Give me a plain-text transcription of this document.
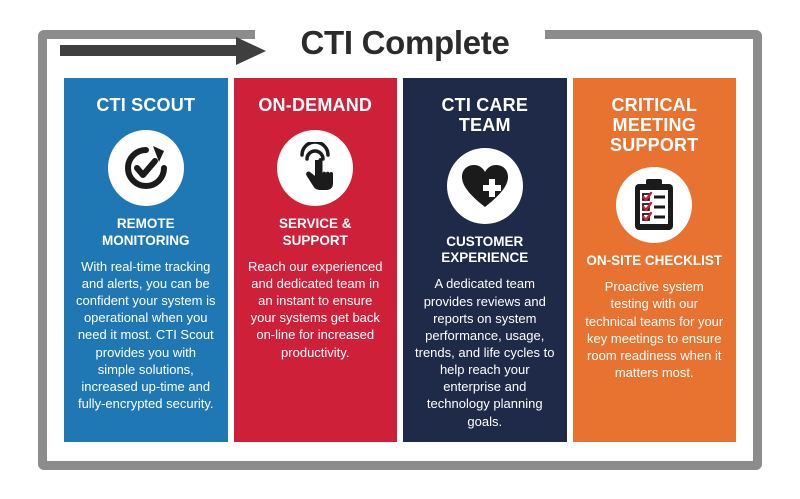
CTI Complete
CTI SCOUT
REMOTE MONITORING
With real-time tracking and alerts, you can be confident your system is operational when you need it most. CTI Scout provides you with simple solutions, increased up-time and fully-encrypted security.
ON-DEMAND
SERVICE & SUPPORT
Reach our experienced and dedicated team in an instant to ensure your systems get back on-line for increased productivity.
CTI CARE TEAM
CUSTOMER EXPERIENCE
A dedicated team provides reviews and reports on system performance, usage, trends, and life cycles to help reach your enterprise and technology planning goals.
CRITICAL MEETING SUPPORT
ON-SITE CHECKLIST
Proactive system testing with our technical teams for your key meetings to ensure room readiness when it matters most.
